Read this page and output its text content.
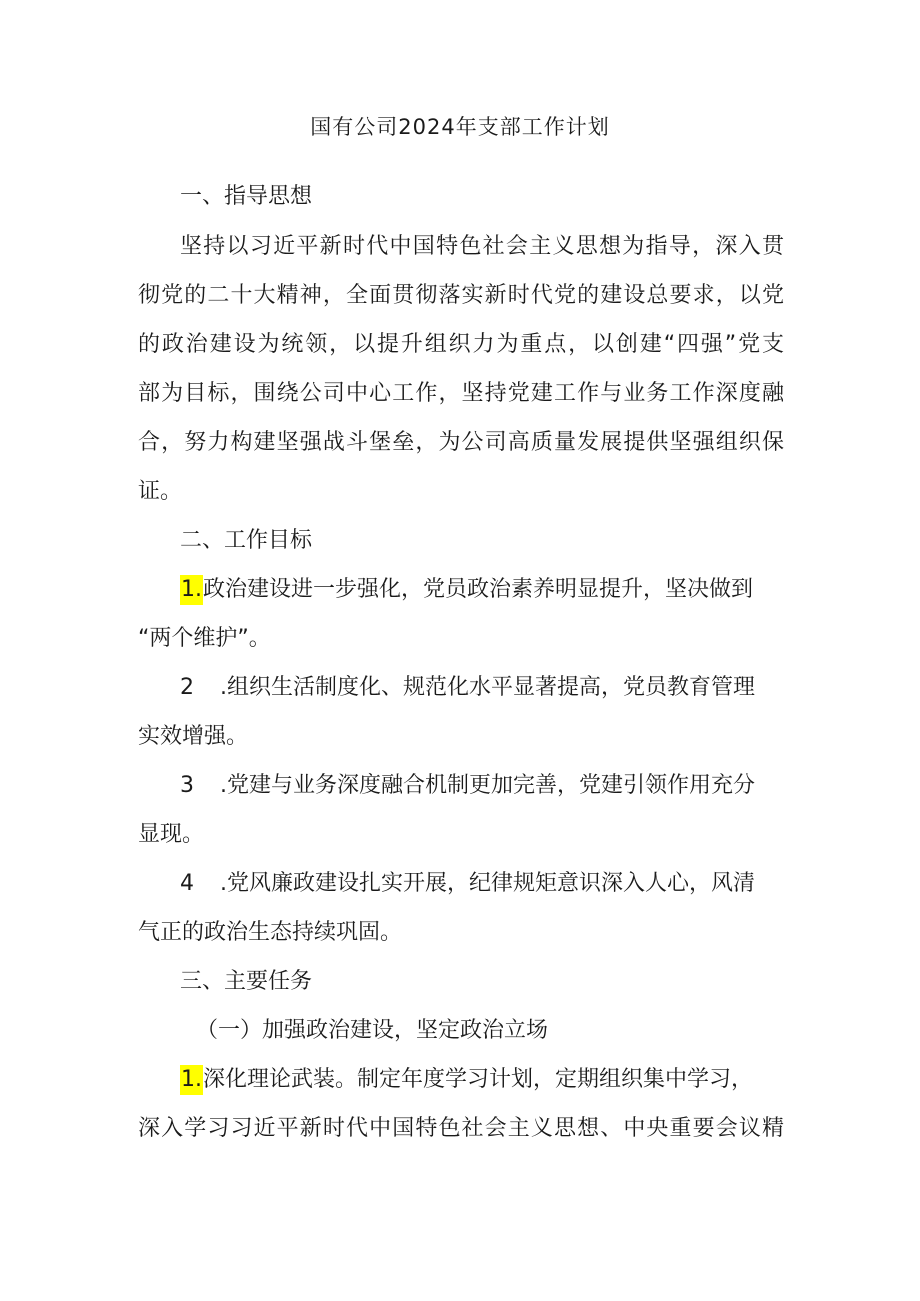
国有公司2024年支部工作计划
一、指导思想
坚持以习近平新时代中国特色社会主义思想为指导，深入贯
彻党的二十大精神，全面贯彻落实新时代党的建设总要求，以党
的政治建设为统领，以提升组织力为重点，以创建“四强”党支
部为目标，围绕公司中心工作，坚持党建工作与业务工作深度融
合，努力构建坚强战斗堡垒，为公司高质量发展提供坚强组织保
证。
二、工作目标
1.政治建设进一步强化，党员政治素养明显提升，坚决做到
“两个维护”。
2 .组织生活制度化、规范化水平显著提高，党员教育管理
实效增强。
3 .党建与业务深度融合机制更加完善，党建引领作用充分
显现。
4 .党风廉政建设扎实开展，纪律规矩意识深入人心，风清
气正的政治生态持续巩固。
三、主要任务
（一）加强政治建设，坚定政治立场
1.深化理论武装。制定年度学习计划，定期组织集中学习，
深入学习习近平新时代中国特色社会主义思想、中央重要会议精
